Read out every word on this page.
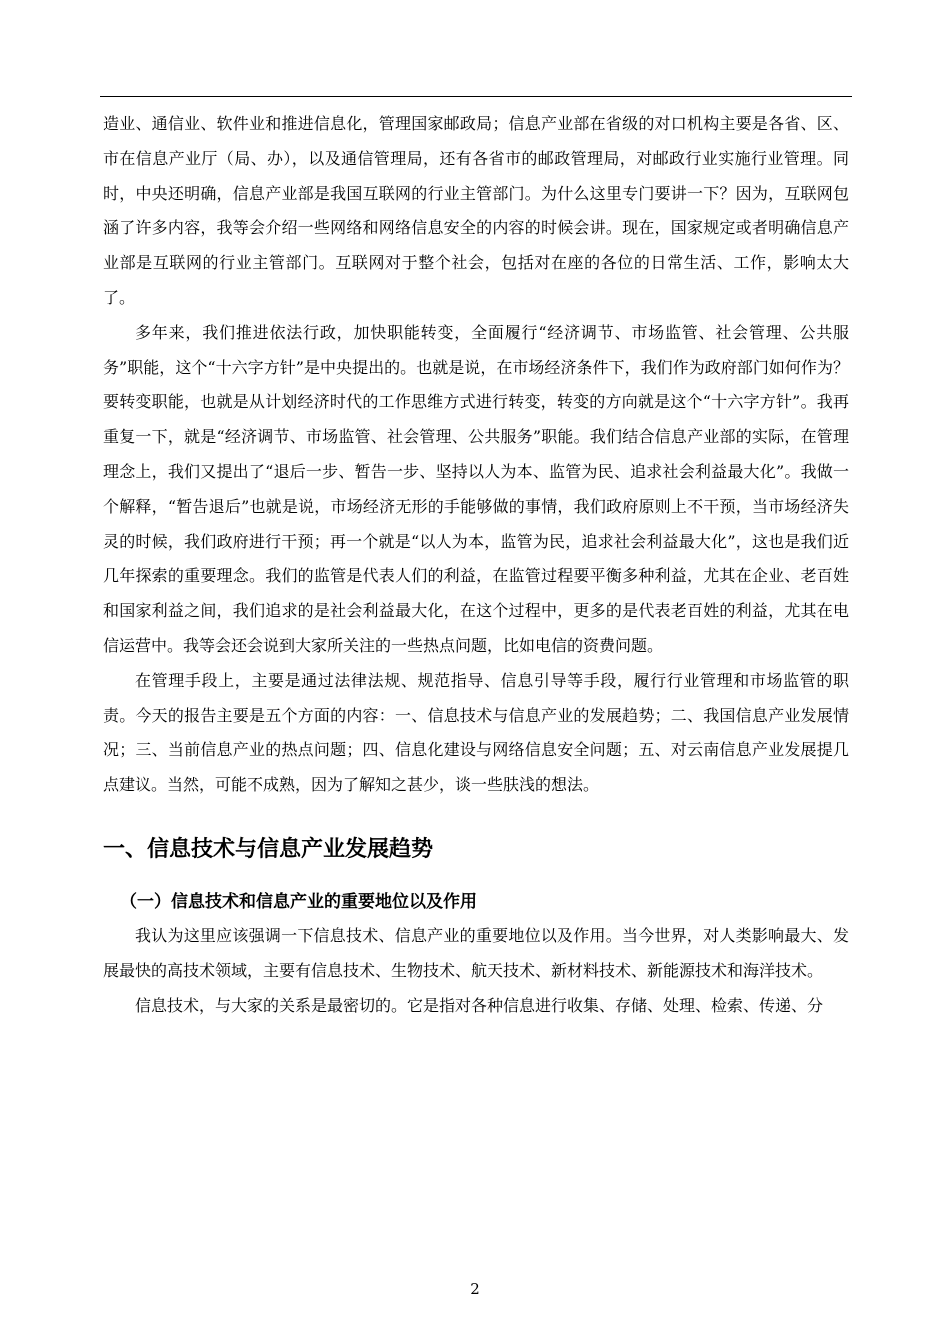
造业、通信业、软件业和推进信息化，管理国家邮政局；信息产业部在省级的对口机构主要是各省、区、市在信息产业厅（局、办），以及通信管理局，还有各省市的邮政管理局，对邮政行业实施行业管理。同时，中央还明确，信息产业部是我国互联网的行业主管部门。为什么这里专门要讲一下？因为，互联网包涵了许多内容，我等会介绍一些网络和网络信息安全的内容的时候会讲。现在，国家规定或者明确信息产业部是互联网的行业主管部门。互联网对于整个社会，包括对在座的各位的日常生活、工作，影响太大了。

多年来，我们推进依法行政，加快职能转变，全面履行“经济调节、市场监管、社会管理、公共服务”职能，这个“十六字方针”是中央提出的。也就是说，在市场经济条件下，我们作为政府部门如何作为？要转变职能，也就是从计划经济时代的工作思维方式进行转变，转变的方向就是这个“十六字方针”。我再重复一下，就是“经济调节、市场监管、社会管理、公共服务”职能。我们结合信息产业部的实际，在管理理念上，我们又提出了“退后一步、暂告一步、坚持以人为本、监管为民、追求社会利益最大化”。我做一个解释，“暂告退后”也就是说，市场经济无形的手能够做的事情，我们政府原则上不干预，当市场经济失灵的时候，我们政府进行干预；再一个就是“以人为本，监管为民，追求社会利益最大化”，这也是我们近几年探索的重要理念。我们的监管是代表人们的利益，在监管过程要平衡多种利益，尤其在企业、老百姓和国家利益之间，我们追求的是社会利益最大化，在这个过程中，更多的是代表老百姓的利益，尤其在电信运营中。我等会还会说到大家所关注的一些热点问题，比如电信的资费问题。

在管理手段上，主要是通过法律法规、规范指导、信息引导等手段，履行行业管理和市场监管的职责。今天的报告主要是五个方面的内容：一、信息技术与信息产业的发展趋势；二、我国信息产业发展情况；三、当前信息产业的热点问题；四、信息化建设与网络信息安全问题；五、对云南信息产业发展提几点建议。当然，可能不成熟，因为了解知之甚少，谈一些肤浅的想法。

一、信息技术与信息产业发展趋势
（一）信息技术和信息产业的重要地位以及作用

我认为这里应该强调一下信息技术、信息产业的重要地位以及作用。当今世界，对人类影响最大、发展最快的高技术领域，主要有信息技术、生物技术、航天技术、新材料技术、新能源技术和海洋技术。

信息技术，与大家的关系是最密切的。它是指对各种信息进行收集、存储、处理、检索、传递、分

2
